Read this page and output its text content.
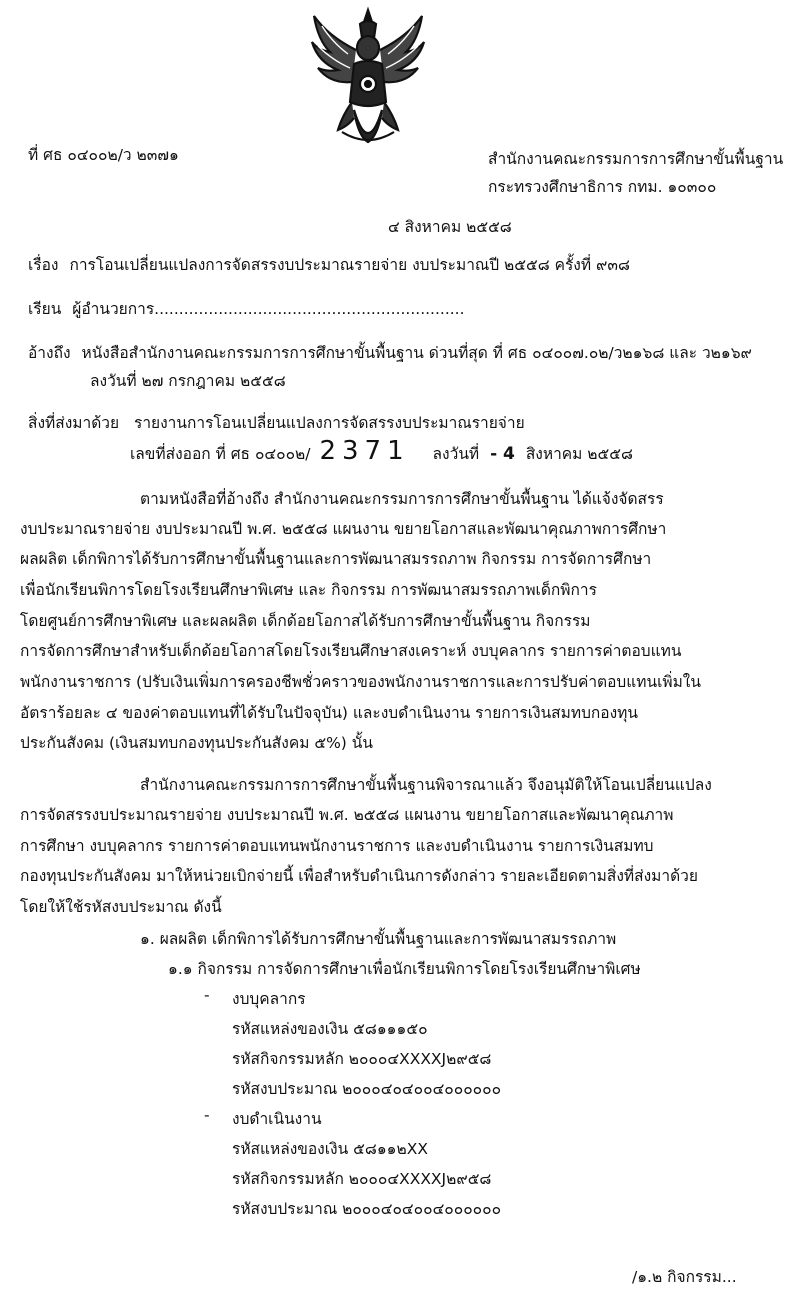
ที่ ศธ ๐๔๐๐๒/ว ๒๓๗๑	สำนักงานคณะกรรมการการศึกษาขั้นพื้นฐาน
กระทรวงศึกษาธิการ กทม. ๑๐๓๐๐
๔ สิงหาคม ๒๕๕๘
เรื่อง การโอนเปลี่ยนแปลงการจัดสรรงบประมาณรายจ่าย งบประมาณปี ๒๕๕๘ ครั้งที่ ๙๓๘
เรียน ผู้อำนวยการ...............................................................
อ้างถึง หนังสือสำนักงานคณะกรรมการการศึกษาขั้นพื้นฐาน ด่วนที่สุด ที่ ศธ ๐๔๐๐๗.๐๒/ว๒๑๖๘ และ ว๒๑๖๙
ลงวันที่ ๒๗ กรกฎาคม ๒๕๕๘
สิ่งที่ส่งมาด้วย รายงานการโอนเปลี่ยนแปลงการจัดสรรงบประมาณรายจ่าย
เลขที่ส่งออก ที่ ศธ ๐๔๐๐๒/ 2371 ลงวันที่ - 4 สิงหาคม ๒๕๕๘
ตามหนังสือที่อ้างถึง สำนักงานคณะกรรมการการศึกษาขั้นพื้นฐาน ได้แจ้งจัดสรร
งบประมาณรายจ่าย งบประมาณปี พ.ศ. ๒๕๕๘ แผนงาน ขยายโอกาสและพัฒนาคุณภาพการศึกษา
ผลผลิต เด็กพิการได้รับการศึกษาขั้นพื้นฐานและการพัฒนาสมรรถภาพ กิจกรรม การจัดการศึกษา
เพื่อนักเรียนพิการโดยโรงเรียนศึกษาพิเศษ และ กิจกรรม การพัฒนาสมรรถภาพเด็กพิการ
โดยศูนย์การศึกษาพิเศษ และผลผลิต เด็กด้อยโอกาสได้รับการศึกษาขั้นพื้นฐาน กิจกรรม
การจัดการศึกษาสำหรับเด็กด้อยโอกาสโดยโรงเรียนศึกษาสงเคราะห์ งบบุคลากร รายการค่าตอบแทน
พนักงานราชการ (ปรับเงินเพิ่มการครองชีพชั่วคราวของพนักงานราชการและการปรับค่าตอบแทนเพิ่มใน
อัตราร้อยละ ๔ ของค่าตอบแทนที่ได้รับในปัจจุบัน) และงบดำเนินงาน รายการเงินสมทบกองทุน
ประกันสังคม (เงินสมทบกองทุนประกันสังคม ๕%) นั้น
สำนักงานคณะกรรมการการศึกษาขั้นพื้นฐานพิจารณาแล้ว จึงอนุมัติให้โอนเปลี่ยนแปลง
การจัดสรรงบประมาณรายจ่าย งบประมาณปี พ.ศ. ๒๕๕๘ แผนงาน ขยายโอกาสและพัฒนาคุณภาพ
การศึกษา งบบุคลากร รายการค่าตอบแทนพนักงานราชการ และงบดำเนินงาน รายการเงินสมทบ
กองทุนประกันสังคม มาให้หน่วยเบิกจ่ายนี้ เพื่อสำหรับดำเนินการดังกล่าว รายละเอียดตามสิ่งที่ส่งมาด้วย
โดยให้ใช้รหัสงบประมาณ ดังนี้
๑. ผลผลิต เด็กพิการได้รับการศึกษาขั้นพื้นฐานและการพัฒนาสมรรถภาพ
๑.๑ กิจกรรม การจัดการศึกษาเพื่อนักเรียนพิการโดยโรงเรียนศึกษาพิเศษ
- งบบุคลากร
รหัสแหล่งของเงิน ๕๘๑๑๑๕๐
รหัสกิจกรรมหลัก ๒๐๐๐๔XXXXJ๒๙๕๘
รหัสงบประมาณ ๒๐๐๐๔๐๔๐๐๔๐๐๐๐๐๐
- งบดำเนินงาน
รหัสแหล่งของเงิน ๕๘๑๑๒XX
รหัสกิจกรรมหลัก ๒๐๐๐๔XXXXJ๒๙๕๘
รหัสงบประมาณ ๒๐๐๐๔๐๔๐๐๔๐๐๐๐๐๐
/๑.๒ กิจกรรม...
